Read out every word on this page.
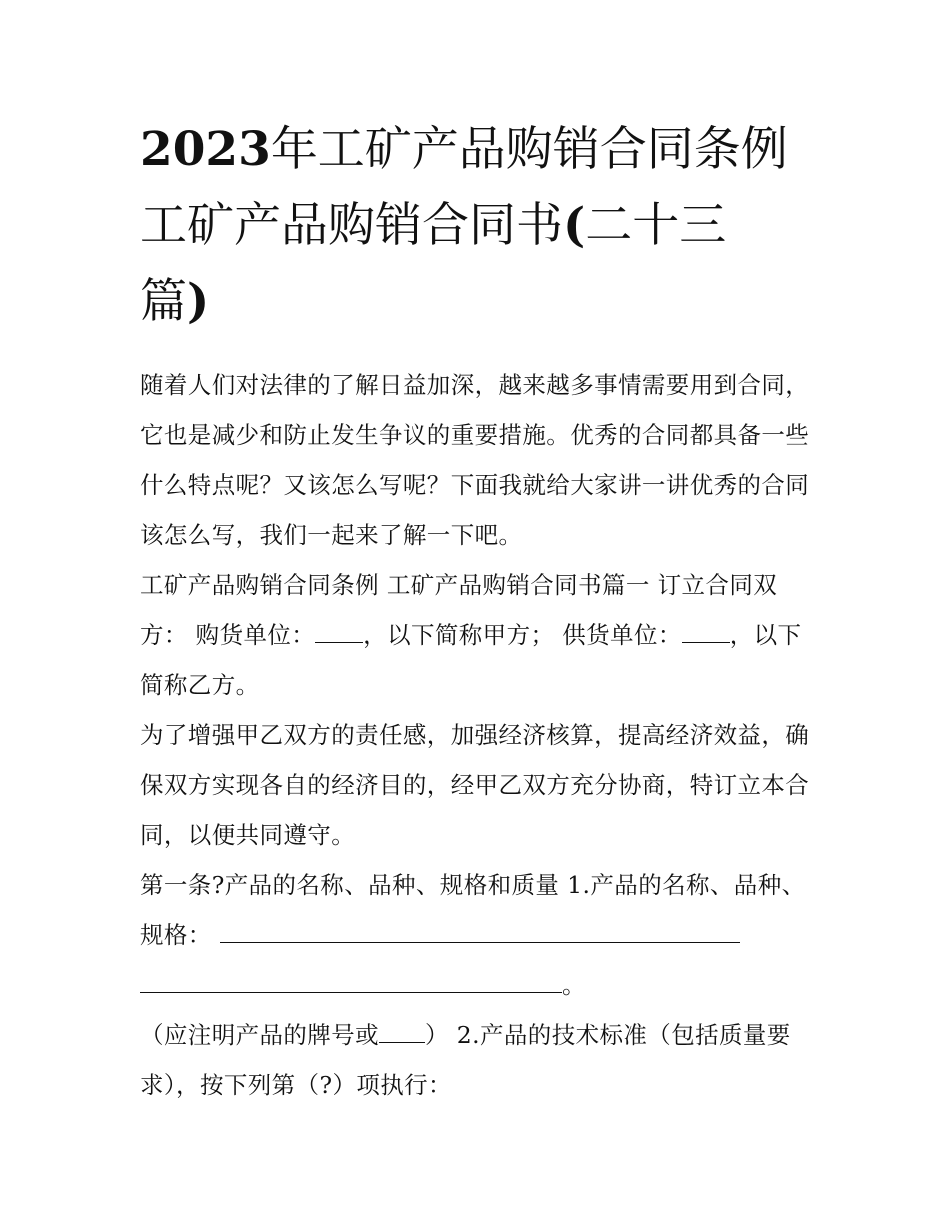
2023年工矿产品购销合同条例
工矿产品购销合同书(二十三
篇)

随着人们对法律的了解日益加深，越来越多事情需要用到合同，它也是减少和防止发生争议的重要措施。优秀的合同都具备一些什么特点呢？又该怎么写呢？下面我就给大家讲一讲优秀的合同该怎么写，我们一起来了解一下吧。

工矿产品购销合同条例 工矿产品购销合同书篇一 订立合同双方： 购货单位： ，以下简称甲方； 供货单位： ，以下简称乙方。

为了增强甲乙双方的责任感，加强经济核算，提高经济效益，确保双方实现各自的经济目的，经甲乙双方充分协商，特订立本合同，以便共同遵守。

第一条?产品的名称、品种、规格和质量 1.产品的名称、品种、规格：
。

（应注明产品的牌号或 ） 2.产品的技术标准（包括质量要求），按下列第（?）项执行：
